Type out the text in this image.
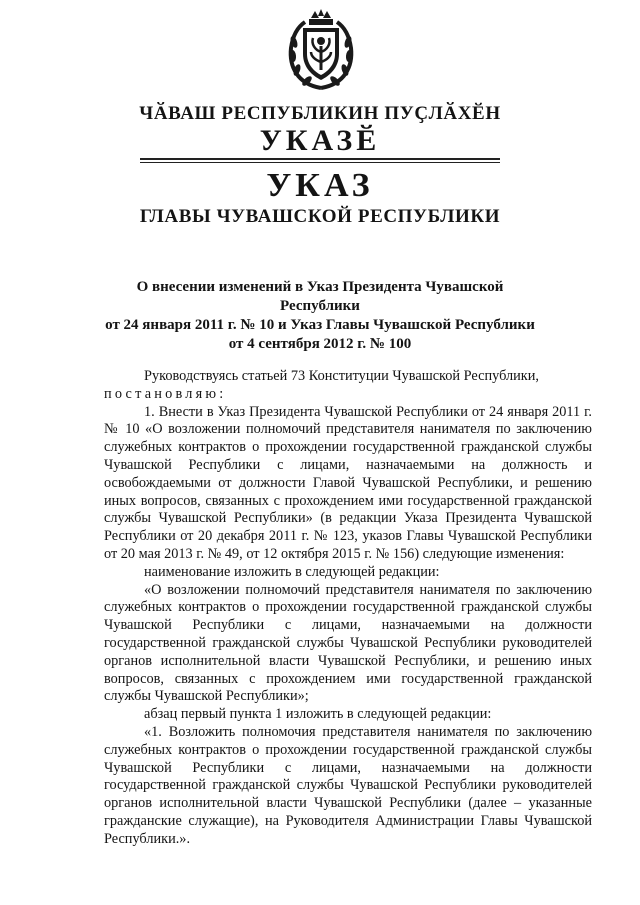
ЧӐВАШ РЕСПУБЛИКИН ПУҪЛӐХӖН
УКАЗӖ
УКАЗ
ГЛАВЫ ЧУВАШСКОЙ РЕСПУБЛИКИ
О внесении изменений в Указ Президента Чувашской Республики
от 24 января 2011 г. № 10 и Указ Главы Чувашской Республики
от 4 сентября 2012 г. № 100

Руководствуясь статьей 73 Конституции Чувашской Республики,

постановляю:

1. Внести в Указ Президента Чувашской Республики от 24 января 2011 г. № 10 «О возложении полномочий представителя нанимателя по заключению служебных контрактов о прохождении государственной гражданской службы Чувашской Республики с лицами, назначаемыми на должность и освобождаемыми от должности Главой Чувашской Республики, и решению иных вопросов, связанных с прохождением ими государственной гражданской службы Чувашской Республики» (в редакции Указа Президента Чувашской Республики от 20 декабря 2011 г. № 123, указов Главы Чувашской Республики от 20 мая 2013 г. № 49, от 12 октября 2015 г. № 156) следующие изменения:

наименование изложить в следующей редакции:

«О возложении полномочий представителя нанимателя по заключению служебных контрактов о прохождении государственной гражданской службы Чувашской Республики с лицами, назначаемыми на должности государственной гражданской службы Чувашской Республики руководителей органов исполнительной власти Чувашской Республики, и решению иных вопросов, связанных с прохождением ими государственной гражданской службы Чувашской Республики»;

абзац первый пункта 1 изложить в следующей редакции:

«1. Возложить полномочия представителя нанимателя по заключению служебных контрактов о прохождении государственной гражданской службы Чувашской Республики с лицами, назначаемыми на должности государственной гражданской службы Чувашской Республики руководителей органов исполнительной власти Чувашской Республики (далее – указанные гражданские служащие), на Руководителя Администрации Главы Чувашской Республики.».
